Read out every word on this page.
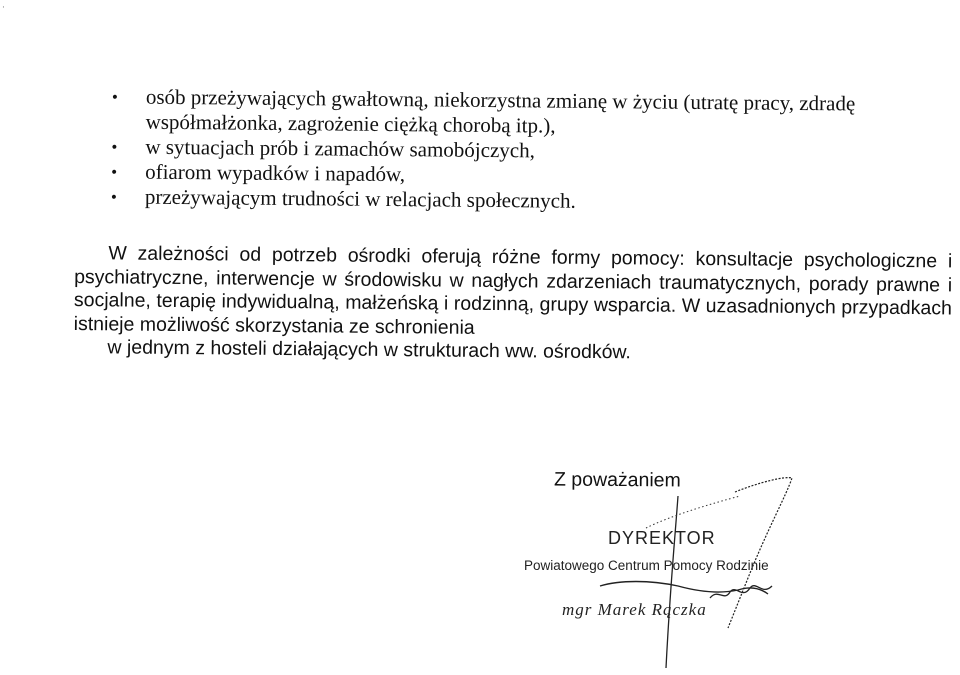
·
• osób przeżywających gwałtowną, niekorzystna zmianę w życiu (utratę pracy, zdradę współmałżonka, zagrożenie ciężką chorobą itp.),
• w sytuacjach prób i zamachów samobójczych,
• ofiarom wypadków i napadów,
• przeżywającym trudności w relacjach społecznych.

W zależności od potrzeb ośrodki oferują różne formy pomocy: konsultacje psychologiczne i psychiatryczne, interwencje w środowisku w nagłych zdarzeniach traumatycznych, porady prawne i socjalne, terapię indywidualną, małżeńską i rodzinną, grupy wsparcia. W uzasadnionych przypadkach istnieje możliwość skorzystania ze schronienia
w jednym z hosteli działających w strukturach ww. ośrodków.

Z poważaniem
DYREKTOR
Powiatowego Centrum Pomocy Rodzinie
mgr Marek Rączka
